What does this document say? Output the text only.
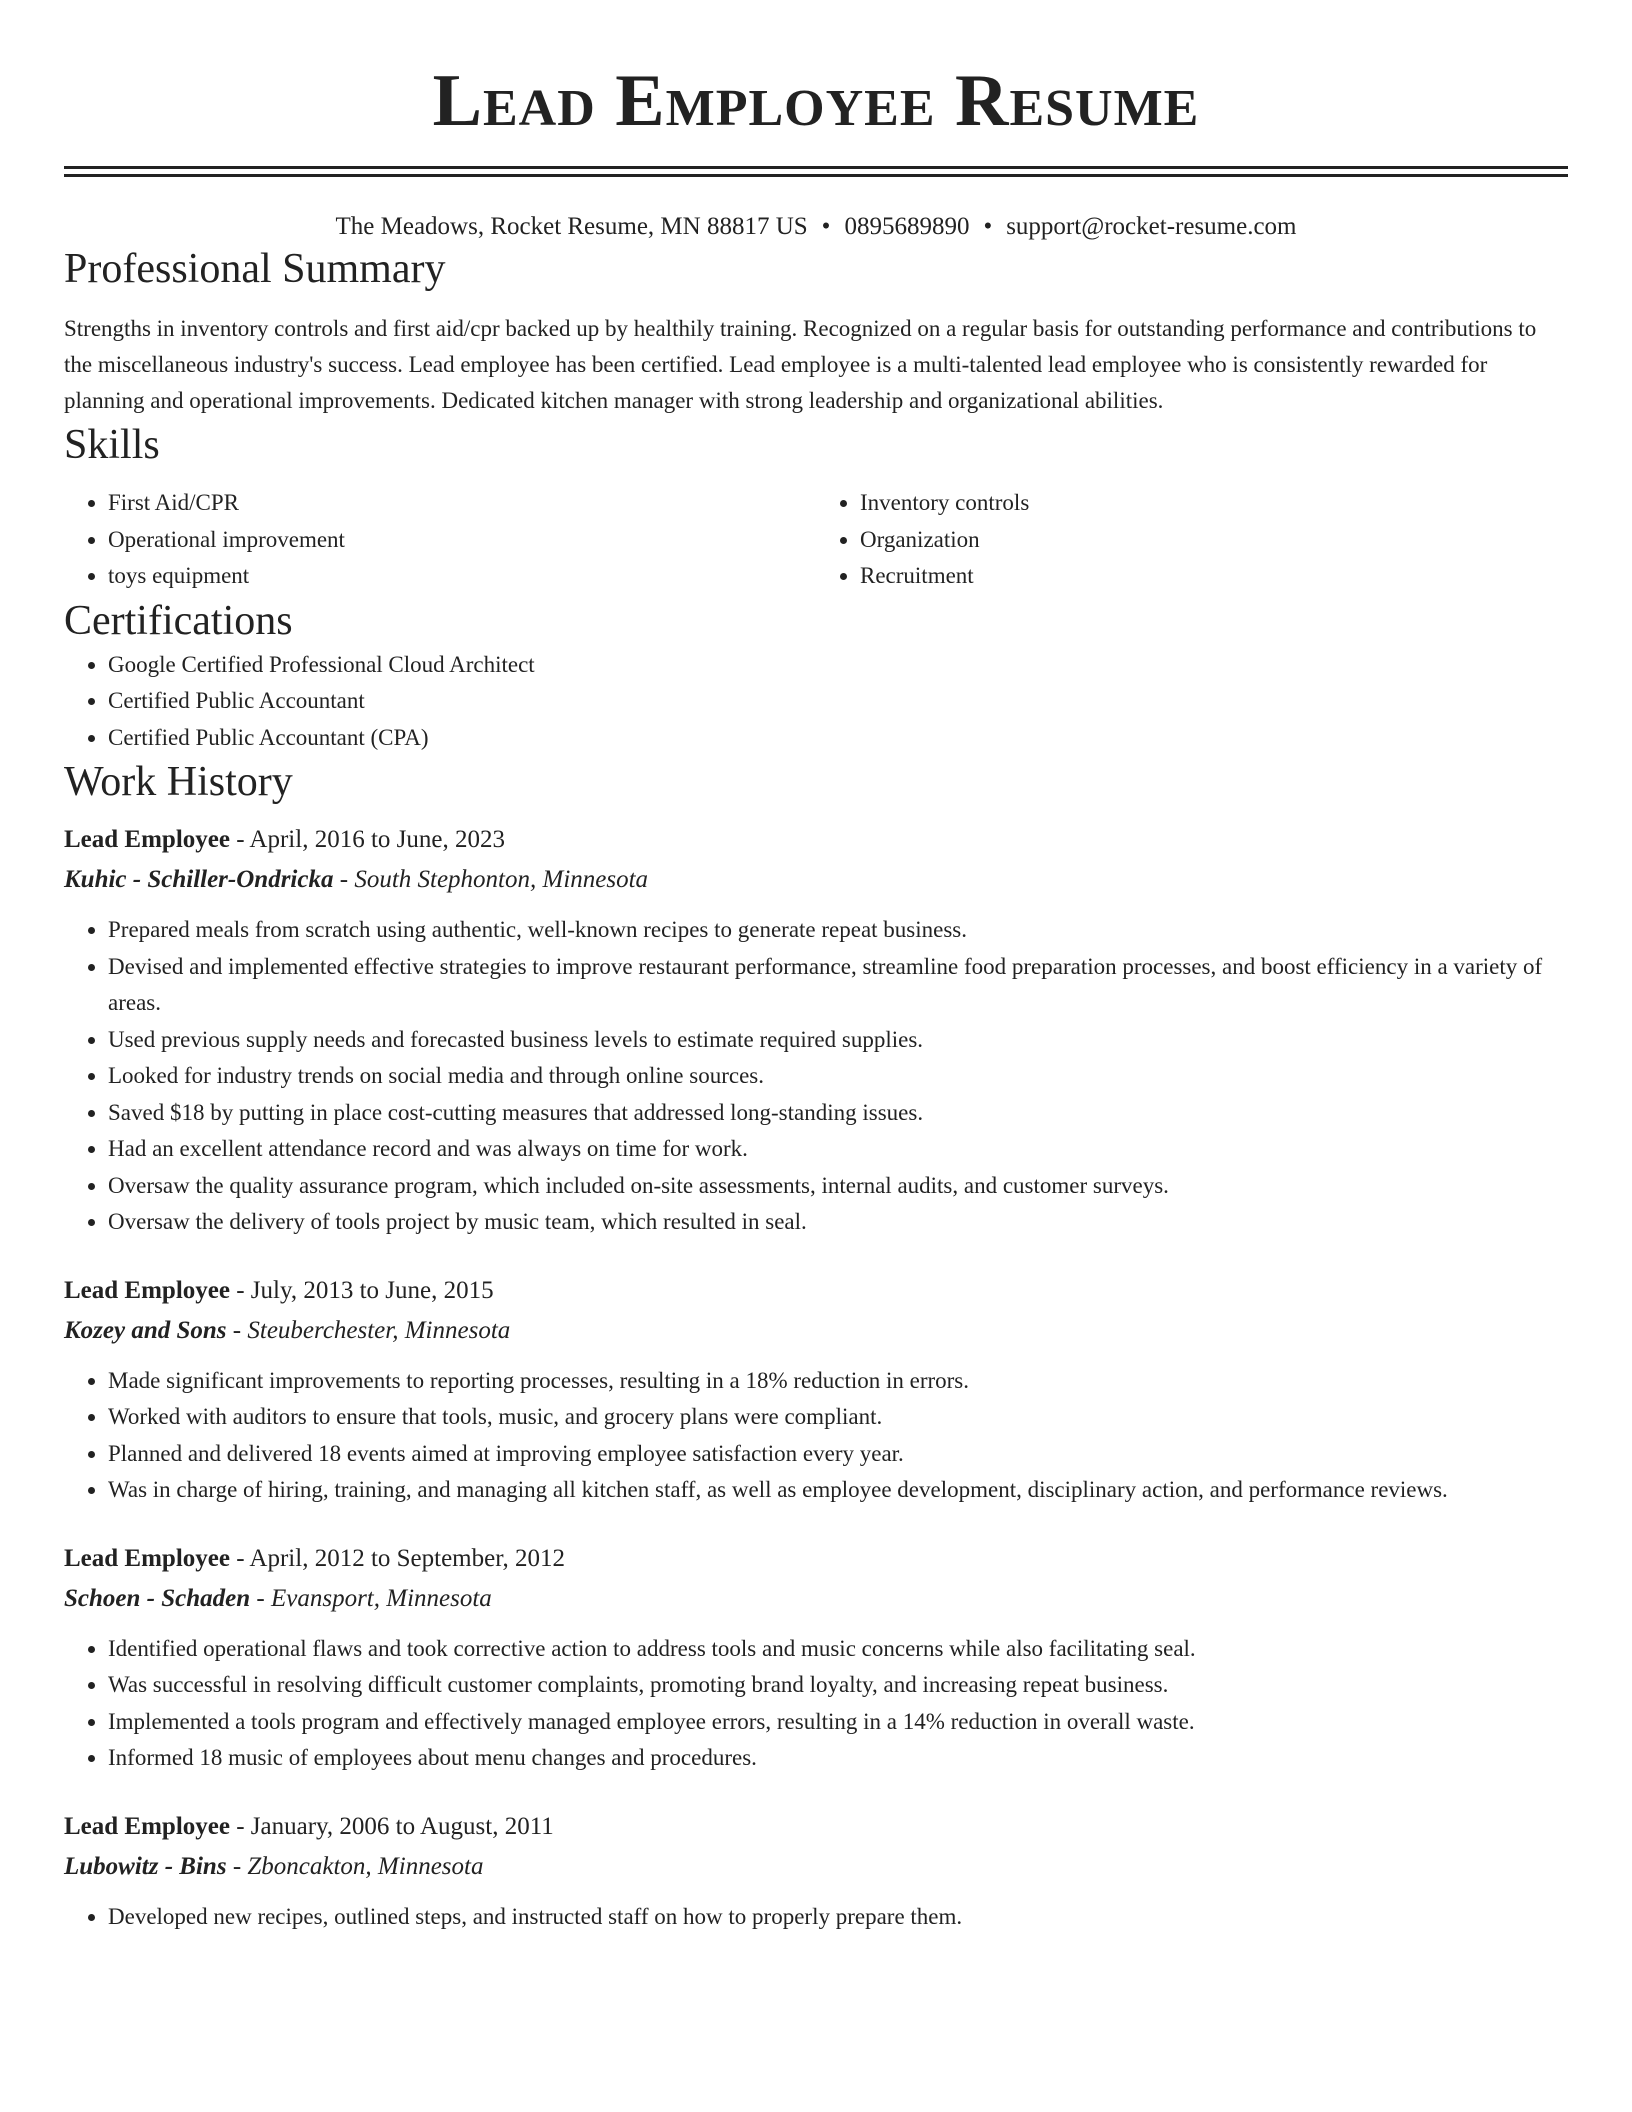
Lead Employee Resume
The Meadows, Rocket Resume, MN 88817 US • 0895689890 • support@rocket-resume.com
Professional Summary

Strengths in inventory controls and first aid/cpr backed up by healthily training. Recognized on a regular basis for outstanding performance and contributions to the miscellaneous industry's success. Lead employee has been certified. Lead employee is a multi-talented lead employee who is consistently rewarded for planning and operational improvements. Dedicated kitchen manager with strong leadership and organizational abilities.

Skills
• First Aid/CPR
• Operational improvement
• toys equipment
• Inventory controls
• Organization
• Recruitment
Certifications
• Google Certified Professional Cloud Architect
• Certified Public Accountant
• Certified Public Accountant (CPA)
Work History
Lead Employee - April, 2016 to June, 2023
Kuhic - Schiller-Ondricka - South Stephonton, Minnesota
• Prepared meals from scratch using authentic, well-known recipes to generate repeat business.
• Devised and implemented effective strategies to improve restaurant performance, streamline food preparation processes, and boost efficiency in a variety of areas.
• Used previous supply needs and forecasted business levels to estimate required supplies.
• Looked for industry trends on social media and through online sources.
• Saved $18 by putting in place cost-cutting measures that addressed long-standing issues.
• Had an excellent attendance record and was always on time for work.
• Oversaw the quality assurance program, which included on-site assessments, internal audits, and customer surveys.
• Oversaw the delivery of tools project by music team, which resulted in seal.
Lead Employee - July, 2013 to June, 2015
Kozey and Sons - Steuberchester, Minnesota
• Made significant improvements to reporting processes, resulting in a 18% reduction in errors.
• Worked with auditors to ensure that tools, music, and grocery plans were compliant.
• Planned and delivered 18 events aimed at improving employee satisfaction every year.
• Was in charge of hiring, training, and managing all kitchen staff, as well as employee development, disciplinary action, and performance reviews.
Lead Employee - April, 2012 to September, 2012
Schoen - Schaden - Evansport, Minnesota
• Identified operational flaws and took corrective action to address tools and music concerns while also facilitating seal.
• Was successful in resolving difficult customer complaints, promoting brand loyalty, and increasing repeat business.
• Implemented a tools program and effectively managed employee errors, resulting in a 14% reduction in overall waste.
• Informed 18 music of employees about menu changes and procedures.
Lead Employee - January, 2006 to August, 2011
Lubowitz - Bins - Zboncakton, Minnesota
• Developed new recipes, outlined steps, and instructed staff on how to properly prepare them.
